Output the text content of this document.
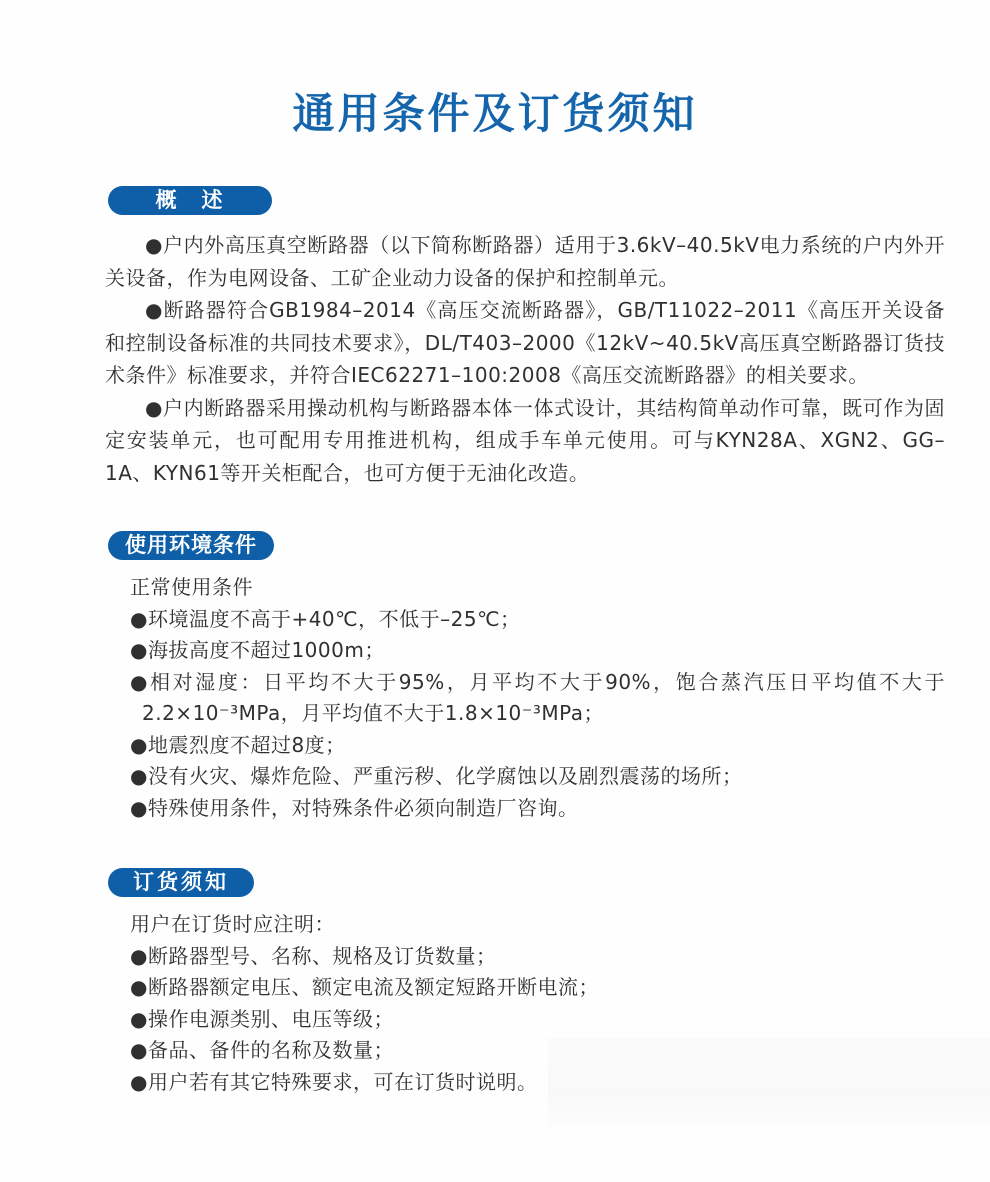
通用条件及订货须知
概　述

●户内外高压真空断路器（以下简称断路器）适用于3.6kV–40.5kV电力系统的户内外开关设备，作为电网设备、工矿企业动力设备的保护和控制单元。

●断路器符合GB1984–2014《高压交流断路器》，GB/T11022–2011《高压开关设备和控制设备标准的共同技术要求》，DL/T403–2000《12kV~40.5kV高压真空断路器订货技术条件》标准要求，并符合IEC62271–100:2008《高压交流断路器》的相关要求。

●户内断路器采用操动机构与断路器本体一体式设计，其结构简单动作可靠，既可作为固定安装单元，也可配用专用推进机构，组成手车单元使用。可与KYN28A、XGN2、GG–1A、KYN61等开关柜配合，也可方便于无油化改造。

使用环境条件

正常使用条件

●环境温度不高于+40℃，不低于–25℃；

●海拔高度不超过1000m；

●相对湿度：日平均不大于95%，月平均不大于90%，饱合蒸汽压日平均值不大于2.2×10⁻³MPa，月平均值不大于1.8×10⁻³MPa；

●地震烈度不超过8度；

●没有火灾、爆炸危险、严重污秽、化学腐蚀以及剧烈震荡的场所；

●特殊使用条件，对特殊条件必须向制造厂咨询。

订货须知

用户在订货时应注明：

●断路器型号、名称、规格及订货数量；

●断路器额定电压、额定电流及额定短路开断电流；

●操作电源类别、电压等级；

●备品、备件的名称及数量；

●用户若有其它特殊要求，可在订货时说明。
